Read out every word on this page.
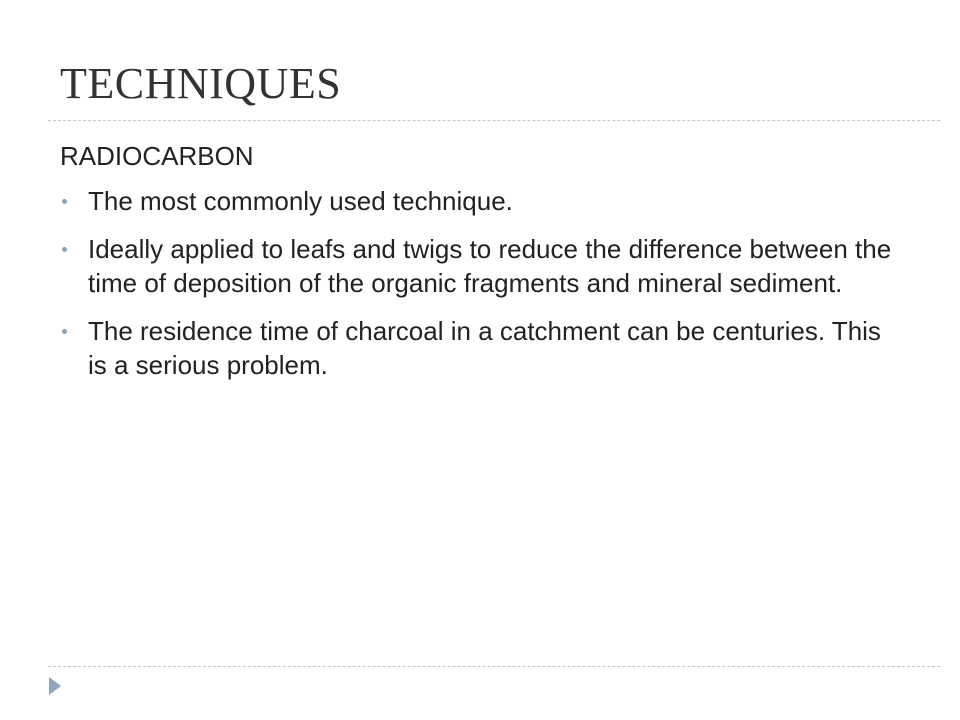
TECHNIQUES
RADIOCARBON
The most commonly used technique.
Ideally applied to leafs and twigs to reduce the difference between the time of deposition of the organic fragments and mineral sediment.
The residence time of charcoal in a catchment can be centuries. This is a serious problem.
